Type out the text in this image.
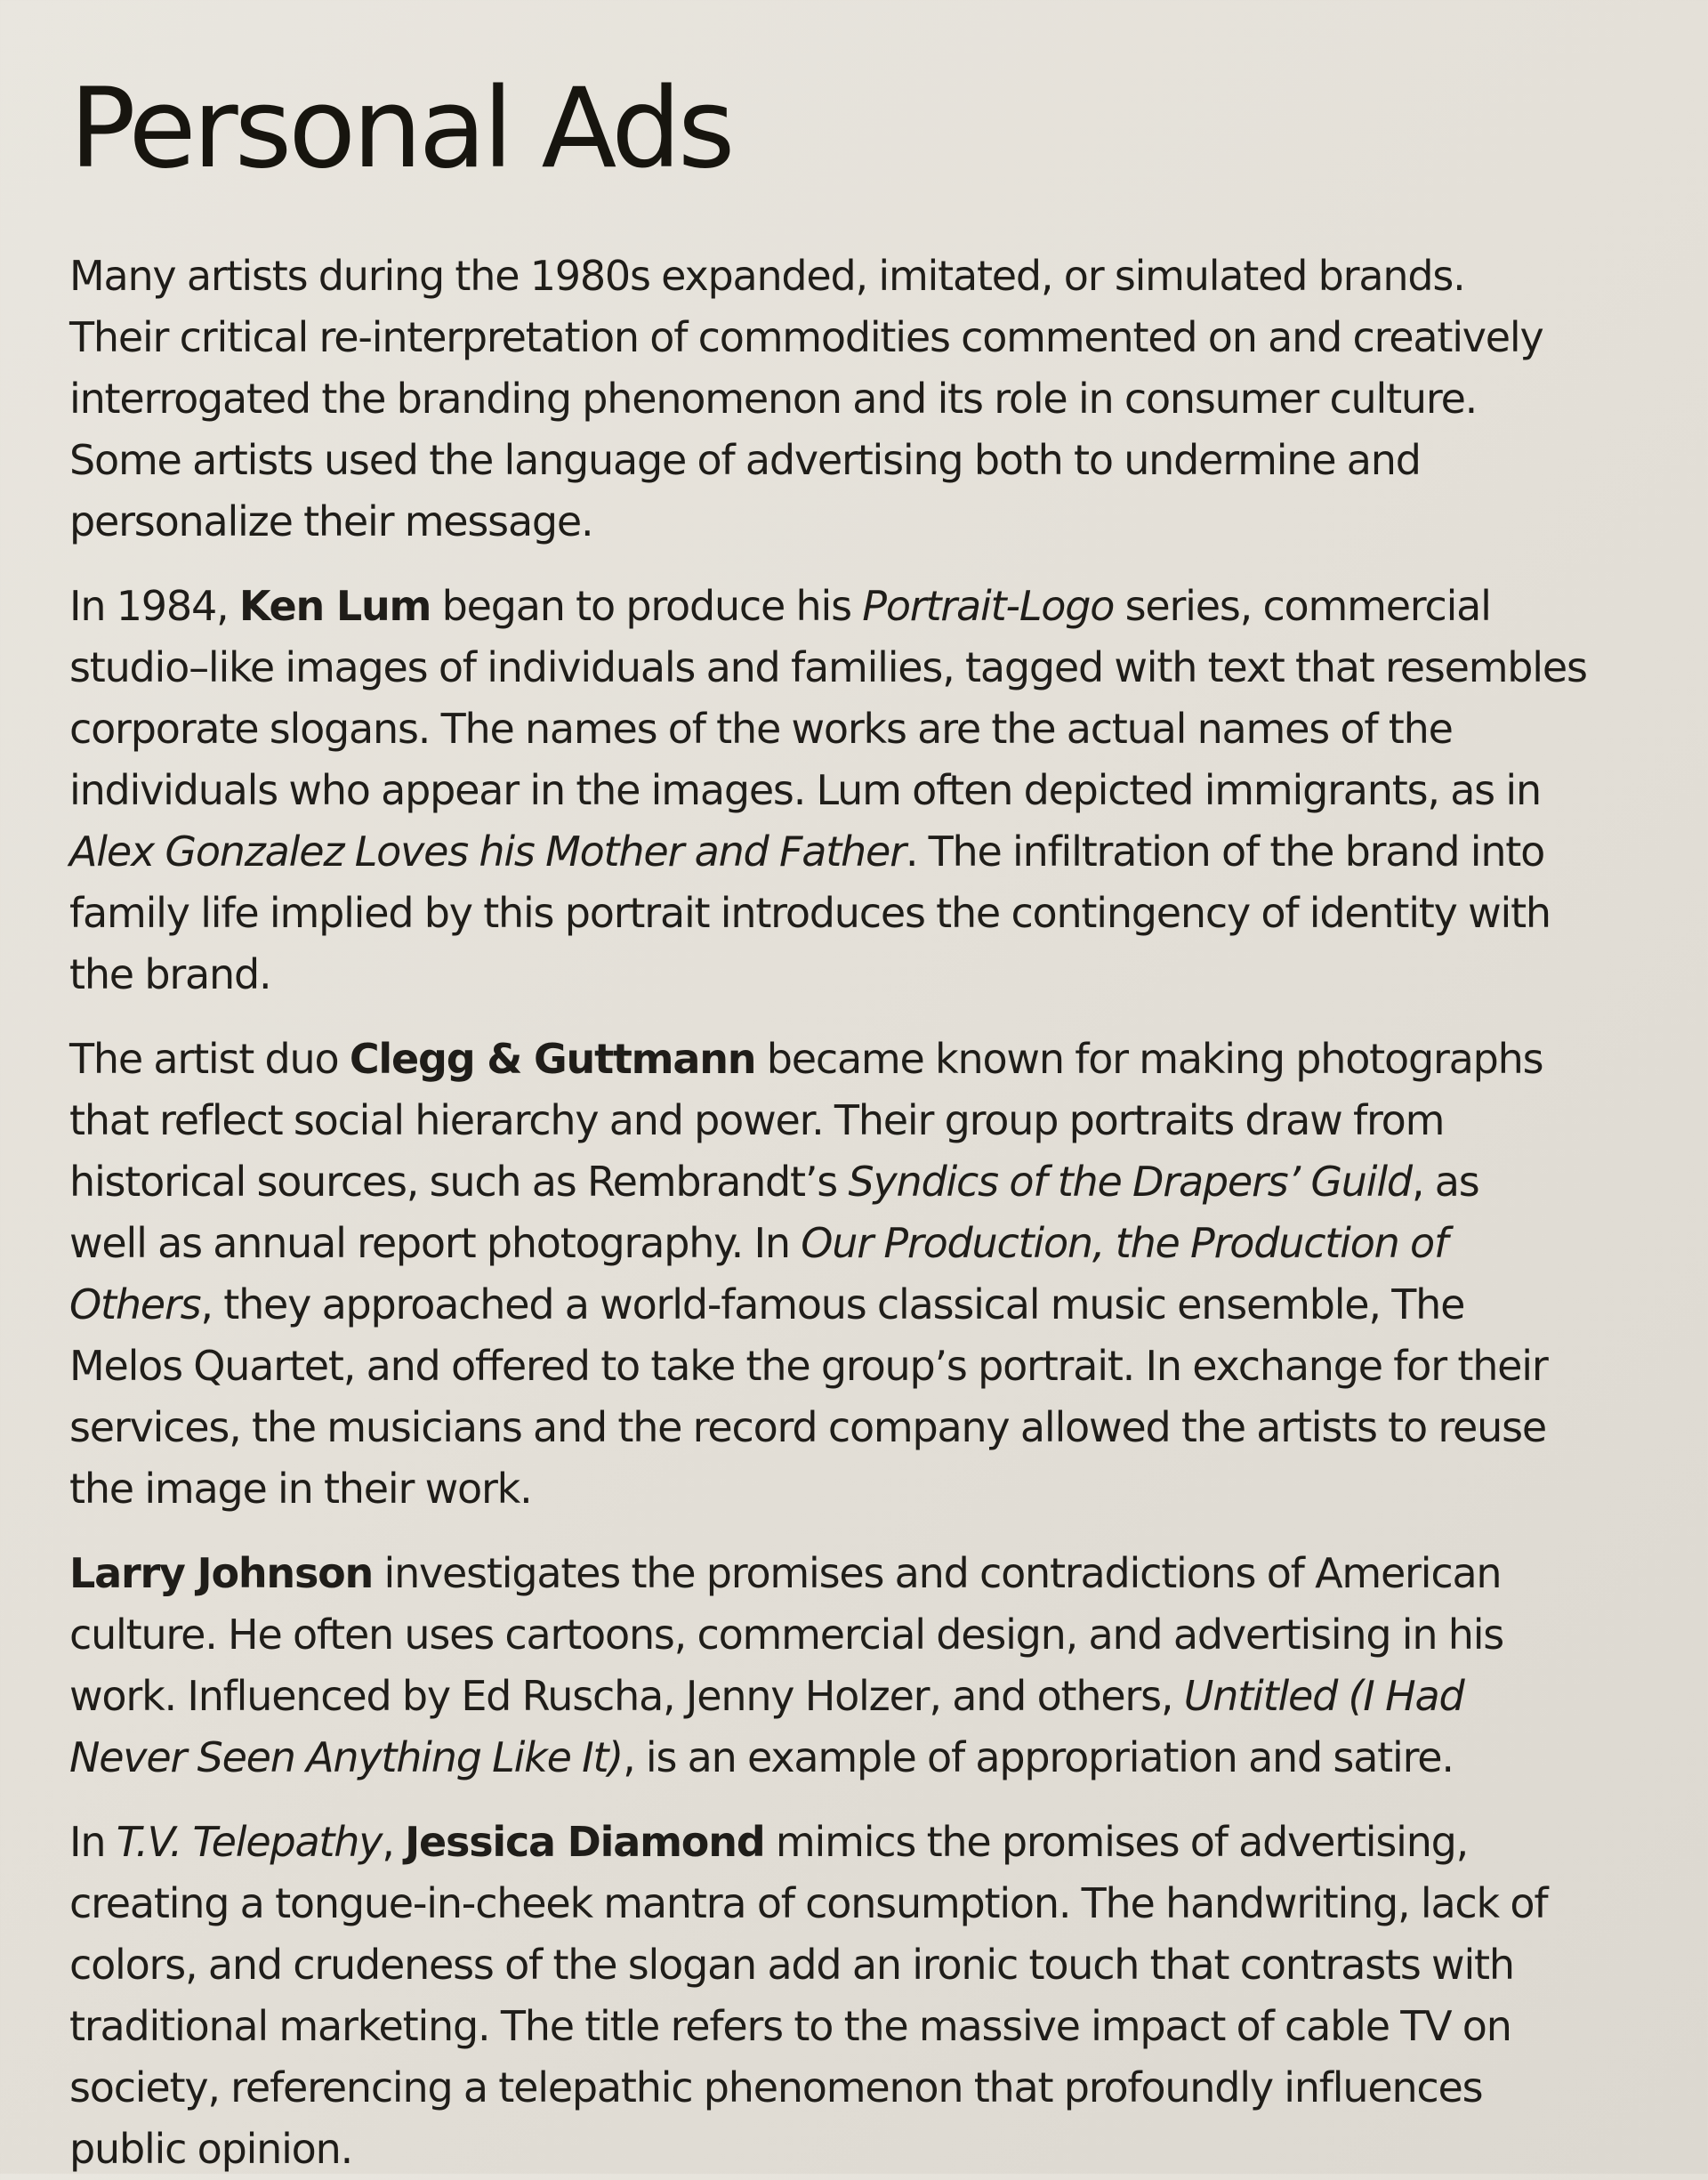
Personal Ads

Many artists during the 1980s expanded, imitated, or simulated brands.
Their critical re-interpretation of commodities commented on and creatively
interrogated the branding phenomenon and its role in consumer culture.
Some artists used the language of advertising both to undermine and
personalize their message.

In 1984, Ken Lum began to produce his Portrait-Logo series, commercial
studio–like images of individuals and families, tagged with text that resembles
corporate slogans. The names of the works are the actual names of the
individuals who appear in the images. Lum often depicted immigrants, as in
Alex Gonzalez Loves his Mother and Father. The infiltration of the brand into
family life implied by this portrait introduces the contingency of identity with
the brand.

The artist duo Clegg & Guttmann became known for making photographs
that reflect social hierarchy and power. Their group portraits draw from
historical sources, such as Rembrandt’s Syndics of the Drapers’ Guild, as
well as annual report photography. In Our Production, the Production of
Others, they approached a world-famous classical music ensemble, The
Melos Quartet, and offered to take the group’s portrait. In exchange for their
services, the musicians and the record company allowed the artists to reuse
the image in their work.

Larry Johnson investigates the promises and contradictions of American
culture. He often uses cartoons, commercial design, and advertising in his
work. Influenced by Ed Ruscha, Jenny Holzer, and others, Untitled (I Had
Never Seen Anything Like It), is an example of appropriation and satire.

In T.V. Telepathy, Jessica Diamond mimics the promises of advertising,
creating a tongue-in-cheek mantra of consumption. The handwriting, lack of
colors, and crudeness of the slogan add an ironic touch that contrasts with
traditional marketing. The title refers to the massive impact of cable TV on
society, referencing a telepathic phenomenon that profoundly influences
public opinion.
